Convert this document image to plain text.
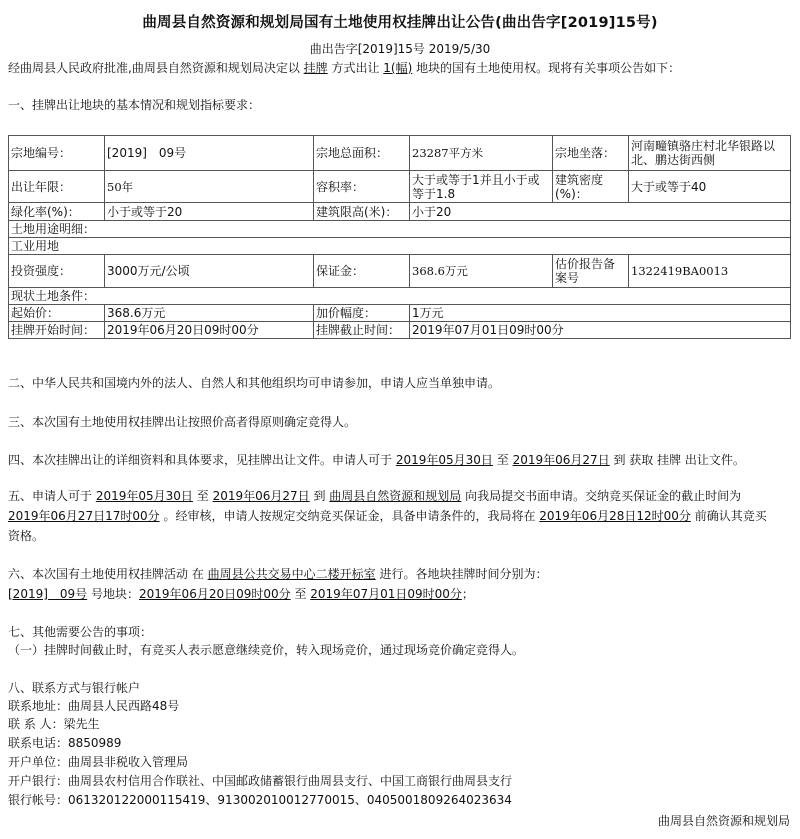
曲周县自然资源和规划局国有土地使用权挂牌出让公告(曲出告字[2019]15号)
曲出告字[2019]15号 2019/5/30
经曲周县人民政府批准,曲周县自然资源和规划局决定以 挂牌 方式出让 1(幅) 地块的国有土地使用权。现将有关事项公告如下：
一、挂牌出让地块的基本情况和规划指标要求：
宗地编号：	[2019]　09号	宗地总面积：	23287平方米	宗地坐落：	河南疃镇骆庄村北华银路以北、鹏达街西侧
出让年限：	50年	容积率：	大于或等于1并且小于或等于1.8	建筑密度(%)：	大于或等于40
绿化率(%)：	小于或等于20	建筑限高(米)：	小于20		
土地用途明细：					
工业用地					
投资强度：	3000万元/公顷	保证金：	368.6万元	估价报告备案号	1322419BA0013
现状土地条件：					
起始价：	368.6万元	加价幅度：	1万元		
挂牌开始时间：	2019年06月20日09时00分	挂牌截止时间：	2019年07月01日09时00分		
二、中华人民共和国境内外的法人、自然人和其他组织均可申请参加，申请人应当单独申请。
三、本次国有土地使用权挂牌出让按照价高者得原则确定竞得人。
四、本次挂牌出让的详细资料和具体要求，见挂牌出让文件。申请人可于 2019年05月30日 至 2019年06月27日 到 获取 挂牌 出让文件。
五、申请人可于 2019年05月30日 至 2019年06月27日 到 曲周县自然资源和规划局 向我局提交书面申请。交纳竞买保证金的截止时间为
2019年06月27日17时00分 。经审核，申请人按规定交纳竞买保证金，具备申请条件的，我局将在 2019年06月28日12时00分 前确认其竞买
资格。
六、本次国有土地使用权挂牌活动 在 曲周县公共交易中心二楼开标室 进行。各地块挂牌时间分别为：
[2019]　09号 号地块：2019年06月20日09时00分 至 2019年07月01日09时00分；
七、其他需要公告的事项：
（一）挂牌时间截止时，有竞买人表示愿意继续竞价，转入现场竞价，通过现场竞价确定竞得人。
八、联系方式与银行帐户
联系地址：曲周县人民西路48号
联 系 人：梁先生
联系电话：8850989
开户单位：曲周县非税收入管理局
开户银行：曲周县农村信用合作联社、中国邮政储蓄银行曲周县支行、中国工商银行曲周县支行
银行帐号：061320122000115419、913002010012770015、0405001809264023634
曲周县自然资源和规划局
